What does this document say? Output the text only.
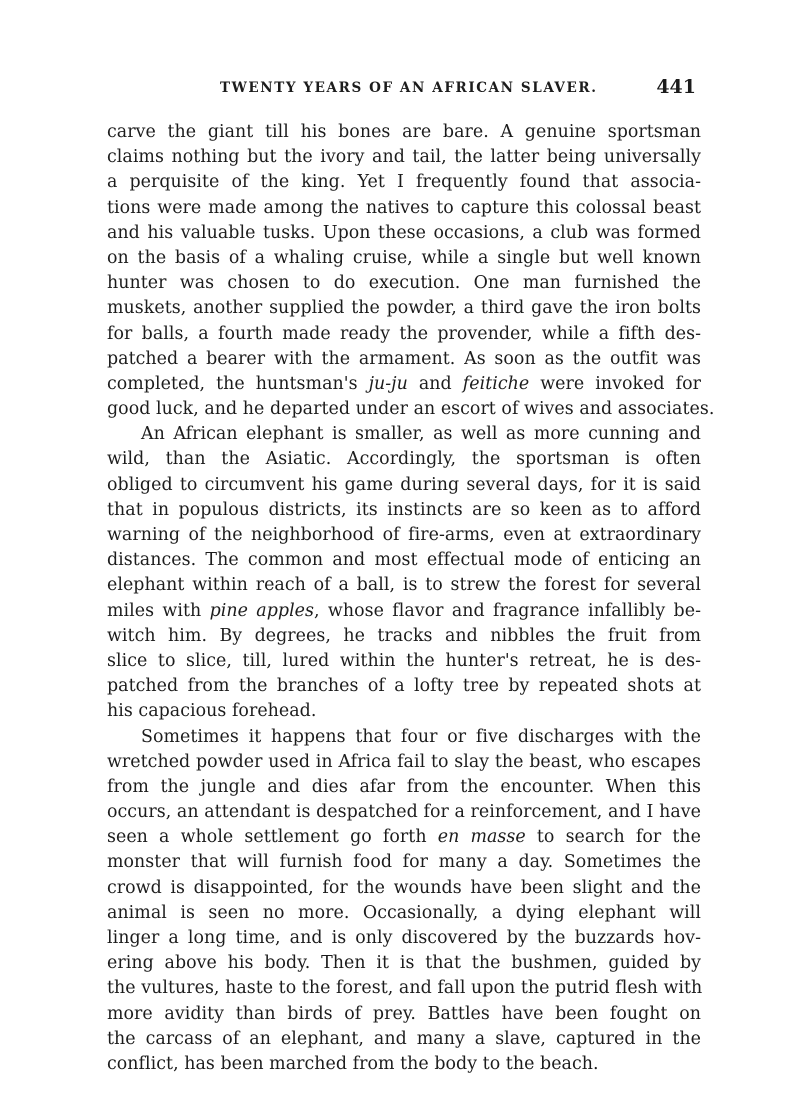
TWENTY YEARS OF AN AFRICAN SLAVER.	441
carve the giant till his bones are bare. A genuine sportsman
claims nothing but the ivory and tail, the latter being universally
a perquisite of the king. Yet I frequently found that associa-
tions were made among the natives to capture this colossal beast
and his valuable tusks. Upon these occasions, a club was formed
on the basis of a whaling cruise, while a single but well known
hunter was chosen to do execution. One man furnished the
muskets, another supplied the powder, a third gave the iron bolts
for balls, a fourth made ready the provender, while a fifth des-
patched a bearer with the armament. As soon as the outfit was
completed, the huntsman's ju-ju and feitiche were invoked for
good luck, and he departed under an escort of wives and associates.
An African elephant is smaller, as well as more cunning and
wild, than the Asiatic. Accordingly, the sportsman is often
obliged to circumvent his game during several days, for it is said
that in populous districts, its instincts are so keen as to afford
warning of the neighborhood of fire-arms, even at extraordinary
distances. The common and most effectual mode of enticing an
elephant within reach of a ball, is to strew the forest for several
miles with pine apples, whose flavor and fragrance infallibly be-
witch him. By degrees, he tracks and nibbles the fruit from
slice to slice, till, lured within the hunter's retreat, he is des-
patched from the branches of a lofty tree by repeated shots at
his capacious forehead.
Sometimes it happens that four or five discharges with the
wretched powder used in Africa fail to slay the beast, who escapes
from the jungle and dies afar from the encounter. When this
occurs, an attendant is despatched for a reinforcement, and I have
seen a whole settlement go forth en masse to search for the
monster that will furnish food for many a day. Sometimes the
crowd is disappointed, for the wounds have been slight and the
animal is seen no more. Occasionally, a dying elephant will
linger a long time, and is only discovered by the buzzards hov-
ering above his body. Then it is that the bushmen, guided by
the vultures, haste to the forest, and fall upon the putrid flesh with
more avidity than birds of prey. Battles have been fought on
the carcass of an elephant, and many a slave, captured in the
conflict, has been marched from the body to the beach.
